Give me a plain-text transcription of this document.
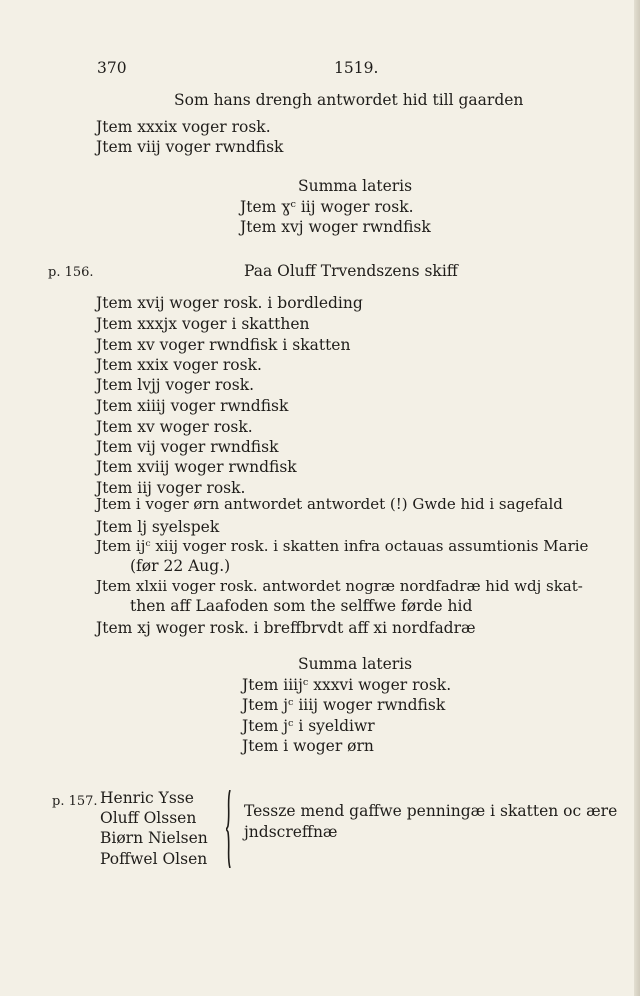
370	1519.
Som hans drengh antwordet hid till gaarden
Jtem xxxix voger rosk.
Jtem viij voger rwndfisk
Summa lateris
Jtem ɣᶜ iij woger rosk.
Jtem xvj woger rwndfisk
p. 156.	Paa Oluff Trvendszens skiff
Jtem xvij woger rosk. i bordleding
Jtem xxxjx voger i skatthen
Jtem xv voger rwndfisk i skatten
Jtem xxix voger rosk.
Jtem lvjj voger rosk.
Jtem xiiij voger rwndfisk
Jtem xv woger rosk.
Jtem vij voger rwndfisk
Jtem xviij woger rwndfisk
Jtem iij voger rosk.
Jtem i voger ørn antwordet antwordet (!) Gwde hid i sagefald
Jtem lj syelspek
Jtem ijᶜ xiij voger rosk. i skatten infra octauas assumtionis Marie
(før 22 Aug.)
Jtem xlxii voger rosk. antwordet nogræ nordfadræ hid wdj skat-
then aff Laafoden som the selffwe førde hid
Jtem xj woger rosk. i breffbrvdt aff xi nordfadræ
Summa lateris
Jtem iiijᶜ xxxvi woger rosk.
Jtem jᶜ iiij woger rwndfisk
Jtem jᶜ i syeldiwr
Jtem i woger ørn
p. 157. Henric Ysse
Oluff Olssen
Biørn Nielsen
Poffwel Olsen
Tessze mend gaffwe penningæ i skatten oc ære
jndscreffnæ
